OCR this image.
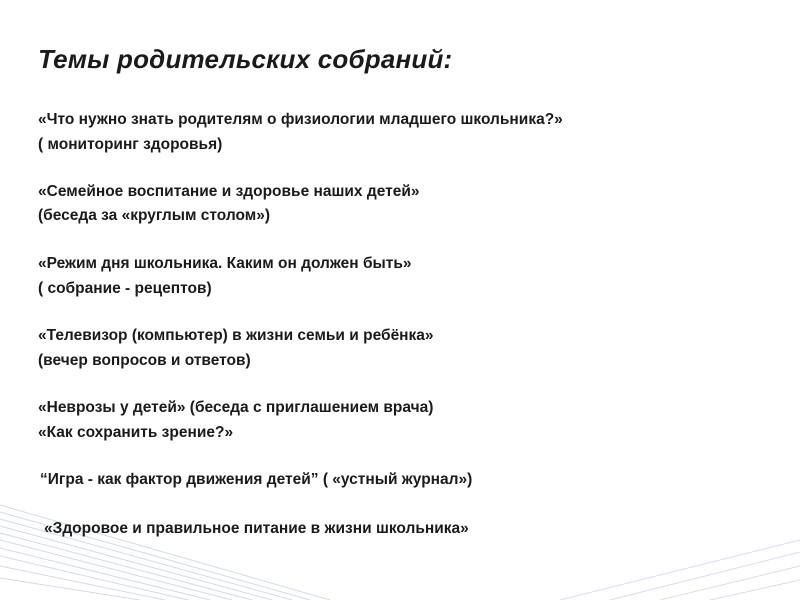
Темы родительских собраний:
«Что нужно знать родителям о физиологии младшего школьника?»
( мониторинг здоровья)
«Семейное воспитание и здоровье наших детей»
(беседа за «круглым столом»)
«Режим дня школьника. Каким он должен быть»
( собрание - рецептов)
«Телевизор (компьютер) в жизни семьи и ребёнка»
(вечер вопросов и ответов)
«Неврозы у детей» (беседа с приглашением врача)
«Как сохранить зрение?»
“Игра - как фактор движения детей” ( «устный журнал»)
«Здоровое и правильное питание в жизни школьника»
